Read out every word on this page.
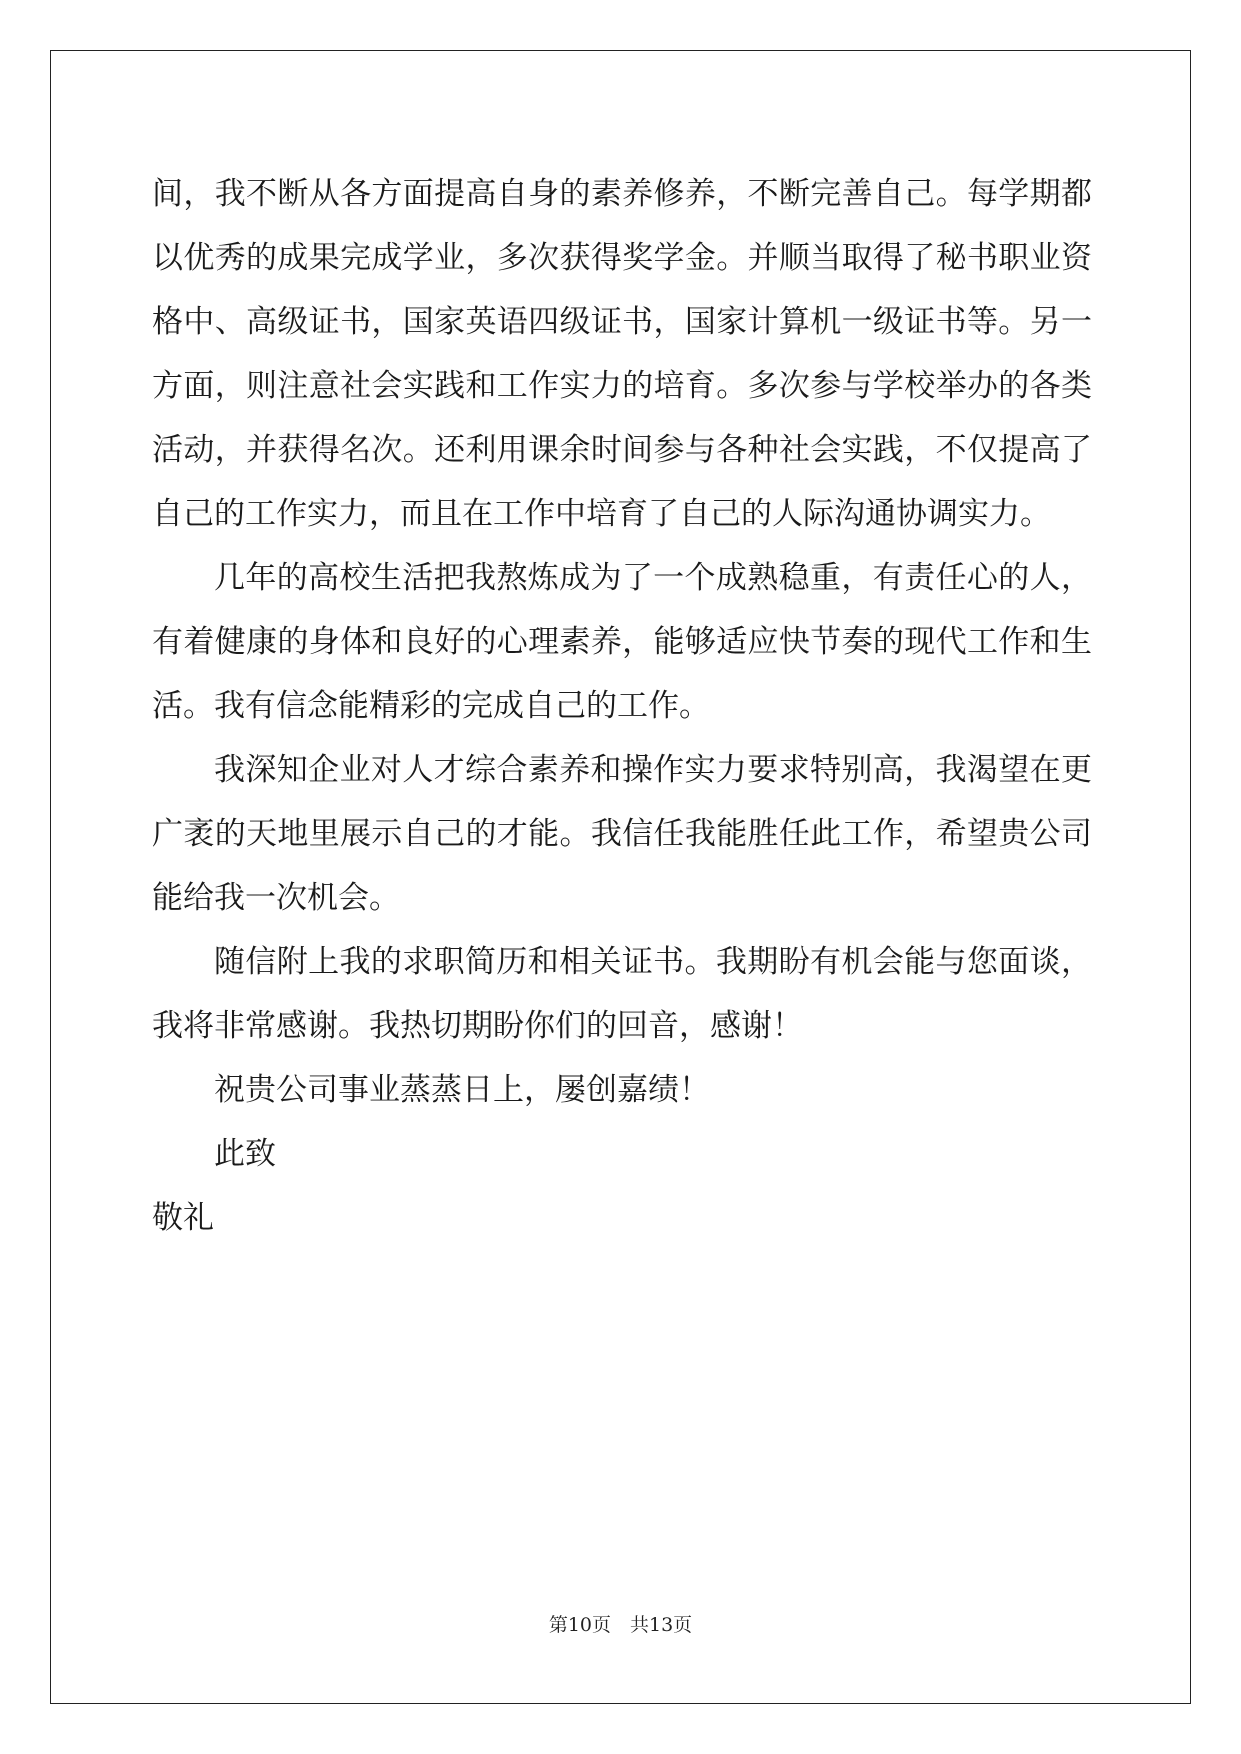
间，我不断从各方面提高自身的素养修养，不断完善自己。每学期都
以优秀的成果完成学业，多次获得奖学金。并顺当取得了秘书职业资
格中、高级证书，国家英语四级证书，国家计算机一级证书等。另一
方面，则注意社会实践和工作实力的培育。多次参与学校举办的各类
活动，并获得名次。还利用课余时间参与各种社会实践，不仅提高了
自己的工作实力，而且在工作中培育了自己的人际沟通协调实力。
几年的高校生活把我熬炼成为了一个成熟稳重，有责任心的人，
有着健康的身体和良好的心理素养，能够适应快节奏的现代工作和生
活。我有信念能精彩的完成自己的工作。
我深知企业对人才综合素养和操作实力要求特别高，我渴望在更
广袤的天地里展示自己的才能。我信任我能胜任此工作，希望贵公司
能给我一次机会。
随信附上我的求职简历和相关证书。我期盼有机会能与您面谈，
我将非常感谢。我热切期盼你们的回音，感谢！
祝贵公司事业蒸蒸日上，屡创嘉绩！
此致
敬礼
第10页　共13页
